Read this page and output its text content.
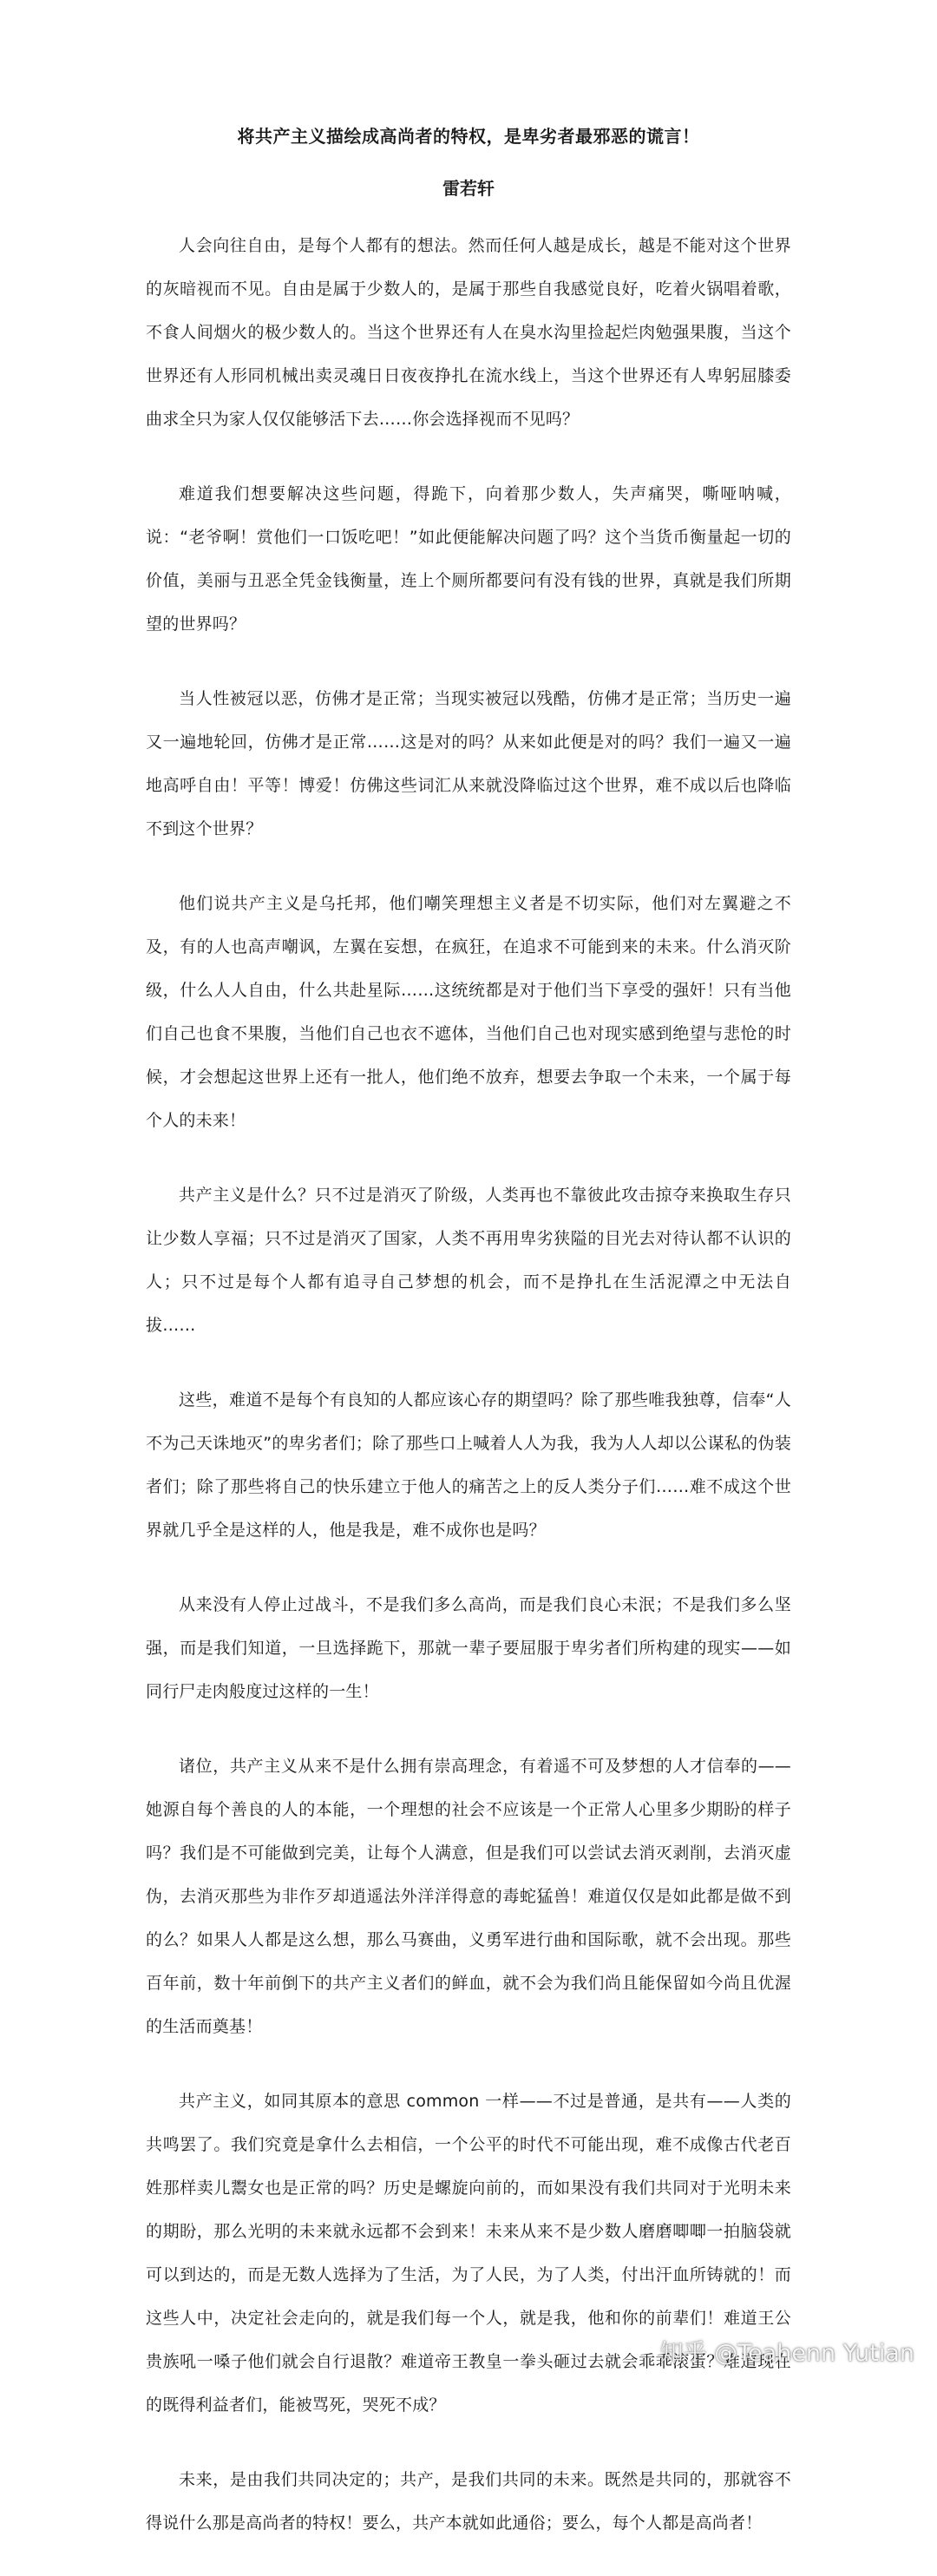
将共产主义描绘成高尚者的特权，是卑劣者最邪恶的谎言！
雷若轩

人会向往自由，是每个人都有的想法。然而任何人越是成长，越是不能对这个世界的灰暗视而不见。自由是属于少数人的，是属于那些自我感觉良好，吃着火锅唱着歌，不食人间烟火的极少数人的。当这个世界还有人在臭水沟里捡起烂肉勉强果腹，当这个世界还有人形同机械出卖灵魂日日夜夜挣扎在流水线上，当这个世界还有人卑躬屈膝委曲求全只为家人仅仅能够活下去……你会选择视而不见吗？

难道我们想要解决这些问题，得跪下，向着那少数人，失声痛哭，嘶哑呐喊，说：“老爷啊！赏他们一口饭吃吧！”如此便能解决问题了吗？这个当货币衡量起一切的价值，美丽与丑恶全凭金钱衡量，连上个厕所都要问有没有钱的世界，真就是我们所期望的世界吗？

当人性被冠以恶，仿佛才是正常；当现实被冠以残酷，仿佛才是正常；当历史一遍又一遍地轮回，仿佛才是正常……这是对的吗？从来如此便是对的吗？我们一遍又一遍地高呼自由！平等！博爱！仿佛这些词汇从来就没降临过这个世界，难不成以后也降临不到这个世界？

他们说共产主义是乌托邦，他们嘲笑理想主义者是不切实际，他们对左翼避之不及，有的人也高声嘲讽，左翼在妄想，在疯狂，在追求不可能到来的未来。什么消灭阶级，什么人人自由，什么共赴星际……这统统都是对于他们当下享受的强奸！只有当他们自己也食不果腹，当他们自己也衣不遮体，当他们自己也对现实感到绝望与悲怆的时候，才会想起这世界上还有一批人，他们绝不放弃，想要去争取一个未来，一个属于每个人的未来！

共产主义是什么？只不过是消灭了阶级，人类再也不靠彼此攻击掠夺来换取生存只让少数人享福；只不过是消灭了国家，人类不再用卑劣狭隘的目光去对待认都不认识的人；只不过是每个人都有追寻自己梦想的机会，而不是挣扎在生活泥潭之中无法自拔……

这些，难道不是每个有良知的人都应该心存的期望吗？除了那些唯我独尊，信奉“人不为己天诛地灭”的卑劣者们；除了那些口上喊着人人为我，我为人人却以公谋私的伪装者们；除了那些将自己的快乐建立于他人的痛苦之上的反人类分子们……难不成这个世界就几乎全是这样的人，他是我是，难不成你也是吗？

从来没有人停止过战斗，不是我们多么高尚，而是我们良心未泯；不是我们多么坚强，而是我们知道，一旦选择跪下，那就一辈子要屈服于卑劣者们所构建的现实——如同行尸走肉般度过这样的一生！

诸位，共产主义从来不是什么拥有崇高理念，有着遥不可及梦想的人才信奉的——她源自每个善良的人的本能，一个理想的社会不应该是一个正常人心里多少期盼的样子吗？我们是不可能做到完美，让每个人满意，但是我们可以尝试去消灭剥削，去消灭虚伪，去消灭那些为非作歹却逍遥法外洋洋得意的毒蛇猛兽！难道仅仅是如此都是做不到的么？如果人人都是这么想，那么马赛曲，义勇军进行曲和国际歌，就不会出现。那些百年前，数十年前倒下的共产主义者们的鲜血，就不会为我们尚且能保留如今尚且优渥的生活而奠基！

共产主义，如同其原本的意思 common 一样——不过是普通，是共有——人类的共鸣罢了。我们究竟是拿什么去相信，一个公平的时代不可能出现，难不成像古代老百姓那样卖儿鬻女也是正常的吗？历史是螺旋向前的，而如果没有我们共同对于光明未来的期盼，那么光明的未来就永远都不会到来！未来从来不是少数人磨磨唧唧一拍脑袋就可以到达的，而是无数人选择为了生活，为了人民，为了人类，付出汗血所铸就的！而这些人中，决定社会走向的，就是我们每一个人，就是我，他和你的前辈们！难道王公贵族吼一嗓子他们就会自行退散？难道帝王教皇一拳头砸过去就会乖乖滚蛋？难道现在的既得利益者们，能被骂死，哭死不成？

未来，是由我们共同决定的；共产，是我们共同的未来。既然是共同的，那就容不得说什么那是高尚者的特权！要么，共产本就如此通俗；要么，每个人都是高尚者！

知乎 @Teahenn Yutian
